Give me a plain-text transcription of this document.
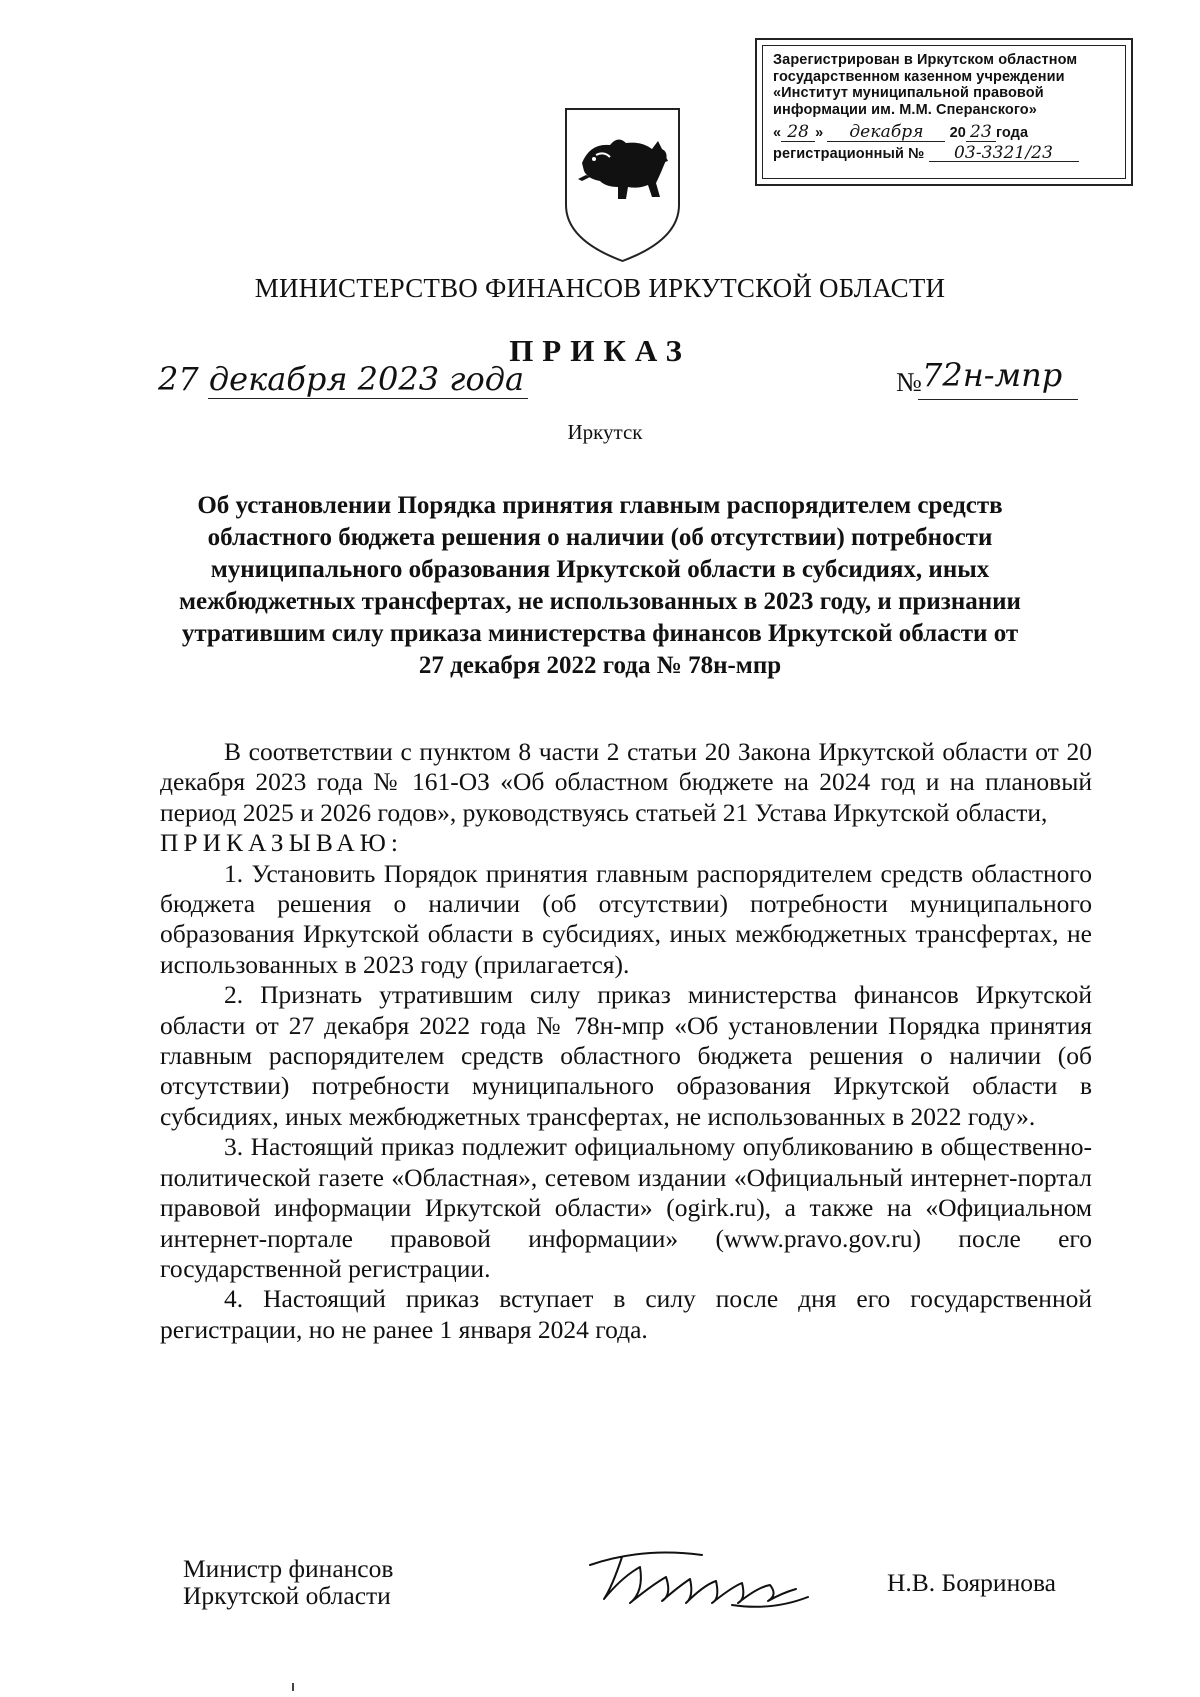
Зарегистрирован в Иркутском областном
государственном казенном учреждении
«Институт муниципальной правовой
информации им. М.М. Сперанского»
« 28 » декабря 20 23 года
регистрационный № 03-3321/23
МИНИСТЕРСТВО ФИНАНСОВ ИРКУТСКОЙ ОБЛАСТИ
ПРИКАЗ
27 декабря 2023 года	№ 72н-мпр
Иркутск
Об установлении Порядка принятия главным распорядителем средств областного бюджета решения о наличии (об отсутствии) потребности муниципального образования Иркутской области в субсидиях, иных межбюджетных трансфертах, не использованных в 2023 году, и признании утратившим силу приказа министерства финансов Иркутской области от 27 декабря 2022 года № 78н-мпр

В соответствии с пунктом 8 части 2 статьи 20 Закона Иркутской области от 20 декабря 2023 года № 161-ОЗ «Об областном бюджете на 2024 год и на плановый период 2025 и 2026 годов», руководствуясь статьей 21 Устава Иркутской области,

ПРИКАЗЫВАЮ:

1. Установить Порядок принятия главным распорядителем средств областного бюджета решения о наличии (об отсутствии) потребности муниципального образования Иркутской области в субсидиях, иных межбюджетных трансфертах, не использованных в 2023 году (прилагается).

2. Признать утратившим силу приказ министерства финансов Иркутской области от 27 декабря 2022 года № 78н-мпр «Об установлении Порядка принятия главным распорядителем средств областного бюджета решения о наличии (об отсутствии) потребности муниципального образования Иркутской области в субсидиях, иных межбюджетных трансфертах, не использованных в 2022 году».

3. Настоящий приказ подлежит официальному опубликованию в общественно-политической газете «Областная», сетевом издании «Официальный интернет-портал правовой информации Иркутской области» (ogirk.ru), а также на «Официальном интернет-портале правовой информации» (www.pravo.gov.ru) после его государственной регистрации.

4. Настоящий приказ вступает в силу после дня его государственной регистрации, но не ранее 1 января 2024 года.

Министр финансов
Иркутской области	Н.В. Бояринова
